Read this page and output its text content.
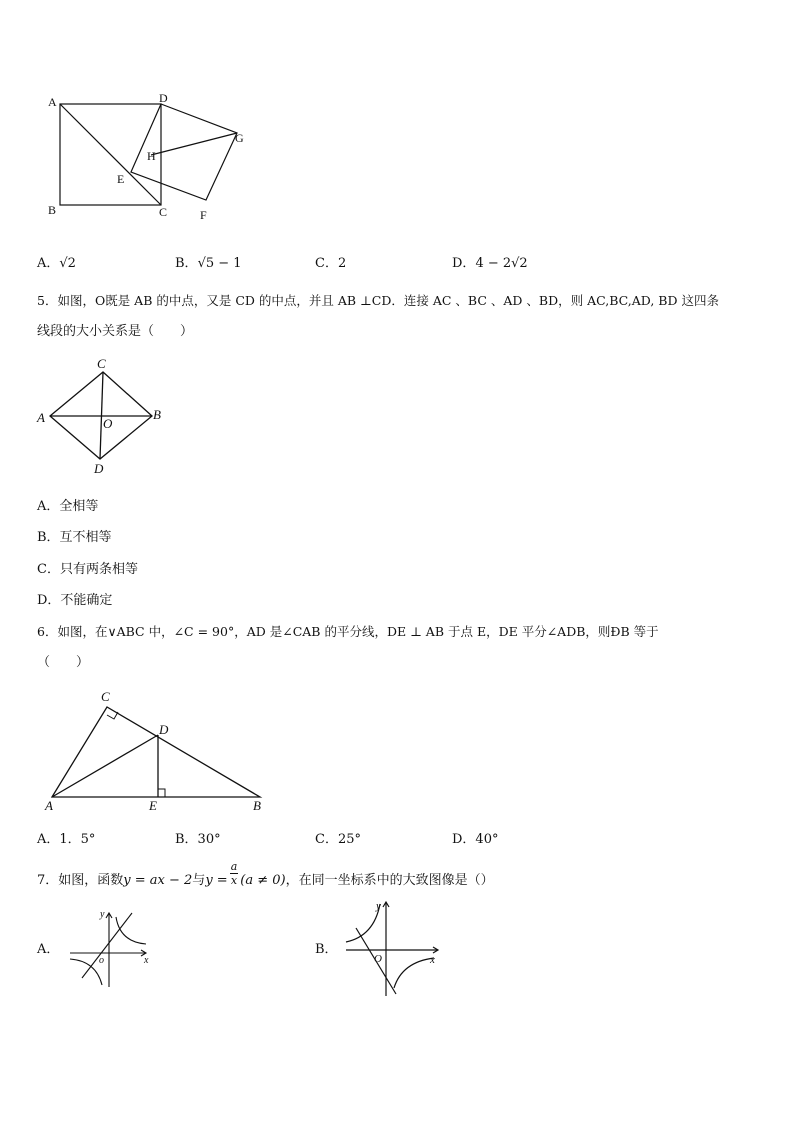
A
B	C
D
E
F
G
H
A．√2	B．√5 − 1	C．2	D．4 − 2√2
5．如图，O既是 AB 的中点，又是 CD 的中点，并且 AB ⊥CD．连接 AC 、BC 、AD 、BD，则 AC,BC,AD, BD 这四条
线段的大小关系是（　　）
C
A	B
O
D
A．全相等
B．互不相等
C．只有两条相等
D．不能确定
6．如图，在∨ABC 中，∠C = 90°，AD 是∠CAB 的平分线，DE ⊥ AB 于点 E，DE 平分∠ADB，则ÐB 等于
（　　）
C
D
A	E	B
A．1．5°	B．30°	C．25°	D．40°
7．如图，函数y = ax − 2与$y = \frac{a}{x} (a \ne 0)$，在同一坐标系中的大致图像是（）
A．
y
x
o
B．
y
x
O
